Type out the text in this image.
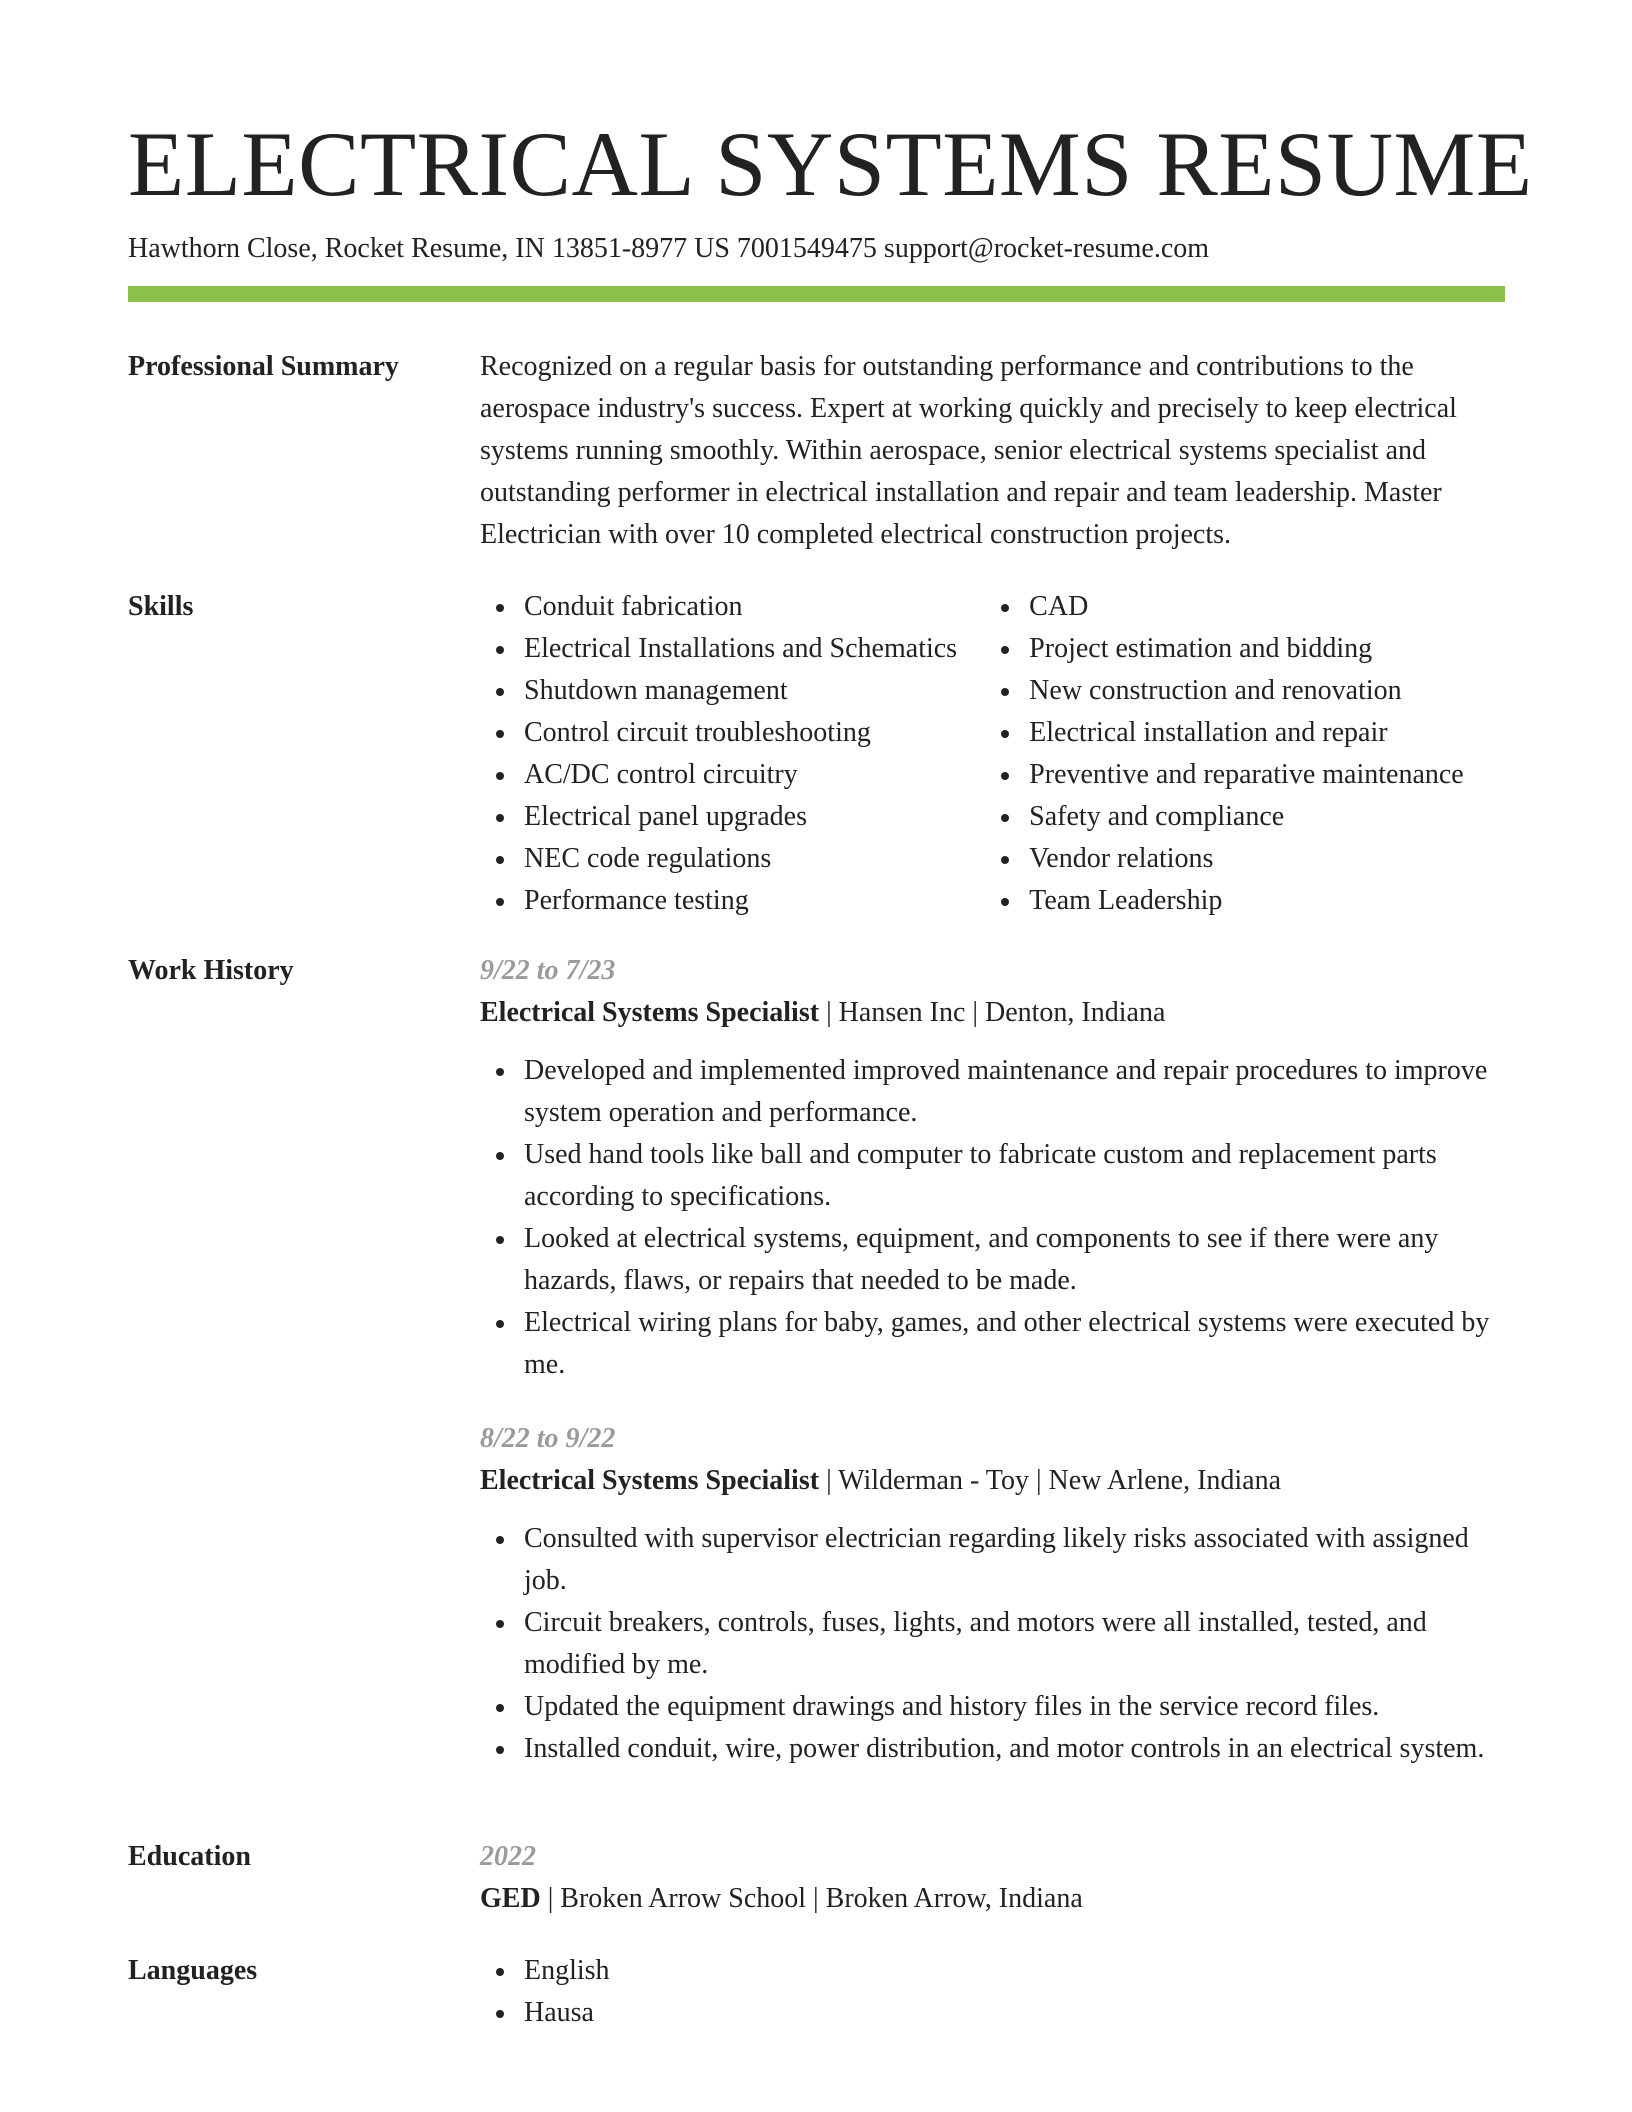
ELECTRICAL SYSTEMS RESUME
Hawthorn Close, Rocket Resume, IN 13851-8977 US 7001549475 support@rocket-resume.com
Professional Summary	Recognized on a regular basis for outstanding performance and contributions to the aerospace industry's success. Expert at working quickly and precisely to keep electrical systems running smoothly. Within aerospace, senior electrical systems specialist and outstanding performer in electrical installation and repair and team leadership. Master Electrician with over 10 completed electrical construction projects.

Skills	Conduit fabrication
Electrical Installations and Schematics
Shutdown management
Control circuit troubleshooting
AC/DC control circuitry
Electrical panel upgrades
NEC code regulations
Performance testing
CAD
Project estimation and bidding
New construction and renovation
Electrical installation and repair
Preventive and reparative maintenance
Safety and compliance
Vendor relations
Team Leadership
Work History	9/22 to 7/23
Electrical Systems Specialist | Hansen Inc | Denton, Indiana
Developed and implemented improved maintenance and repair procedures to improve system operation and performance.
Used hand tools like ball and computer to fabricate custom and replacement parts according to specifications.
Looked at electrical systems, equipment, and components to see if there were any hazards, flaws, or repairs that needed to be made.
Electrical wiring plans for baby, games, and other electrical systems were executed by me.
8/22 to 9/22
Electrical Systems Specialist | Wilderman - Toy | New Arlene, Indiana
Consulted with supervisor electrician regarding likely risks associated with assigned job.
Circuit breakers, controls, fuses, lights, and motors were all installed, tested, and modified by me.
Updated the equipment drawings and history files in the service record files.
Installed conduit, wire, power distribution, and motor controls in an electrical system.
Education	2022
GED | Broken Arrow School | Broken Arrow, Indiana
Languages	English
Hausa
